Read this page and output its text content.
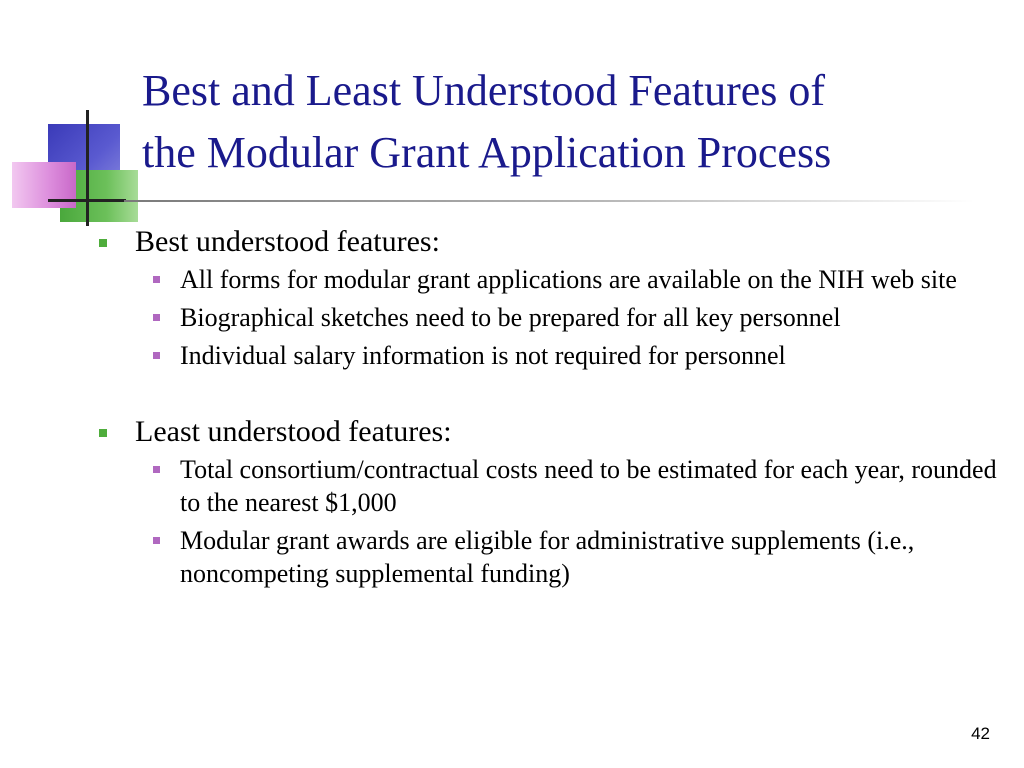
Best and Least Understood Features of
the Modular Grant Application Process
Best understood features:
All forms for modular grant applications are available on the NIH web site
Biographical sketches need to be prepared for all key personnel
Individual salary information is not required for personnel
Least understood features:
Total consortium/contractual costs need to be estimated for each year, rounded to the nearest $1,000
Modular grant awards are eligible for administrative supplements (i.e., noncompeting supplemental funding)
42
